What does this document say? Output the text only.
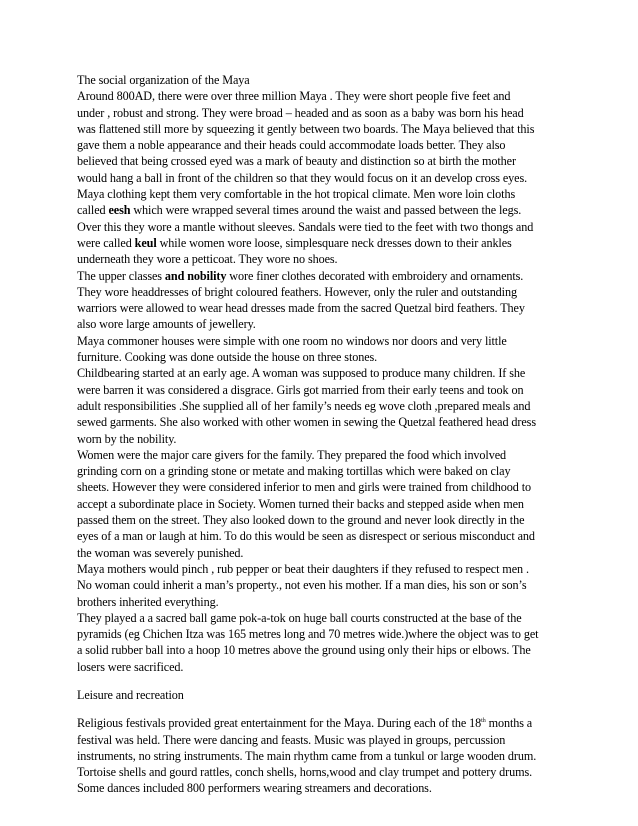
The social organization of the Maya
Around 800AD, there were over three million Maya . They were short people five feet and
under , robust and strong. They were broad – headed and as soon as a baby was born his head
was flattened still more by squeezing it gently between two boards. The Maya believed that this
gave them a noble appearance and their heads could accommodate loads better. They also
believed that being crossed eyed was a mark of beauty and distinction so at birth the mother
would hang a ball in front of the children so that they would focus on it an develop cross eyes.
Maya clothing kept them very comfortable in the hot tropical climate. Men wore loin cloths
called eesh which were wrapped several times around the waist and passed between the legs.
Over this they wore a mantle without sleeves. Sandals were tied to the feet with two thongs and
were called keul while women wore loose, simplesquare neck dresses down to their ankles
underneath they wore a petticoat. They wore no shoes.
The upper classes and nobility wore finer clothes decorated with embroidery and ornaments.
They wore headdresses of bright coloured feathers. However, only the ruler and outstanding
warriors were allowed to wear head dresses made from the sacred Quetzal bird feathers. They
also wore large amounts of jewellery.
Maya commoner houses were simple with one room no windows nor doors and very little
furniture. Cooking was done outside the house on three stones.
Childbearing started at an early age. A woman was supposed to produce many children. If she
were barren it was considered a disgrace. Girls got married from their early teens and took on
adult responsibilities .She supplied all of her family’s needs eg wove cloth ,prepared meals and
sewed garments. She also worked with other women in sewing the Quetzal feathered head dress
worn by the nobility.
Women were the major care givers for the family. They prepared the food which involved
grinding corn on a grinding stone or metate and making tortillas which were baked on clay
sheets. However they were considered inferior to men and girls were trained from childhood to
accept a subordinate place in Society. Women turned their backs and stepped aside when men
passed them on the street. They also looked down to the ground and never look directly in the
eyes of a man or laugh at him. To do this would be seen as disrespect or serious misconduct and
the woman was severely punished.
Maya mothers would pinch , rub pepper or beat their daughters if they refused to respect men .
No woman could inherit a man’s property., not even his mother. If a man dies, his son or son’s
brothers inherited everything.
They played a a sacred ball game pok-a-tok on huge ball courts constructed at the base of the
pyramids (eg Chichen Itza was 165 metres long and 70 metres wide.)where the object was to get
a solid rubber ball into a hoop 10 metres above the ground using only their hips or elbows. The
losers were sacrificed.
Leisure and recreation
Religious festivals provided great entertainment for the Maya. During each of the 18th months a
festival was held. There were dancing and feasts. Music was played in groups, percussion
instruments, no string instruments. The main rhythm came from a tunkul or large wooden drum.
Tortoise shells and gourd rattles, conch shells, horns,wood and clay trumpet and pottery drums.
Some dances included 800 performers wearing streamers and decorations.
